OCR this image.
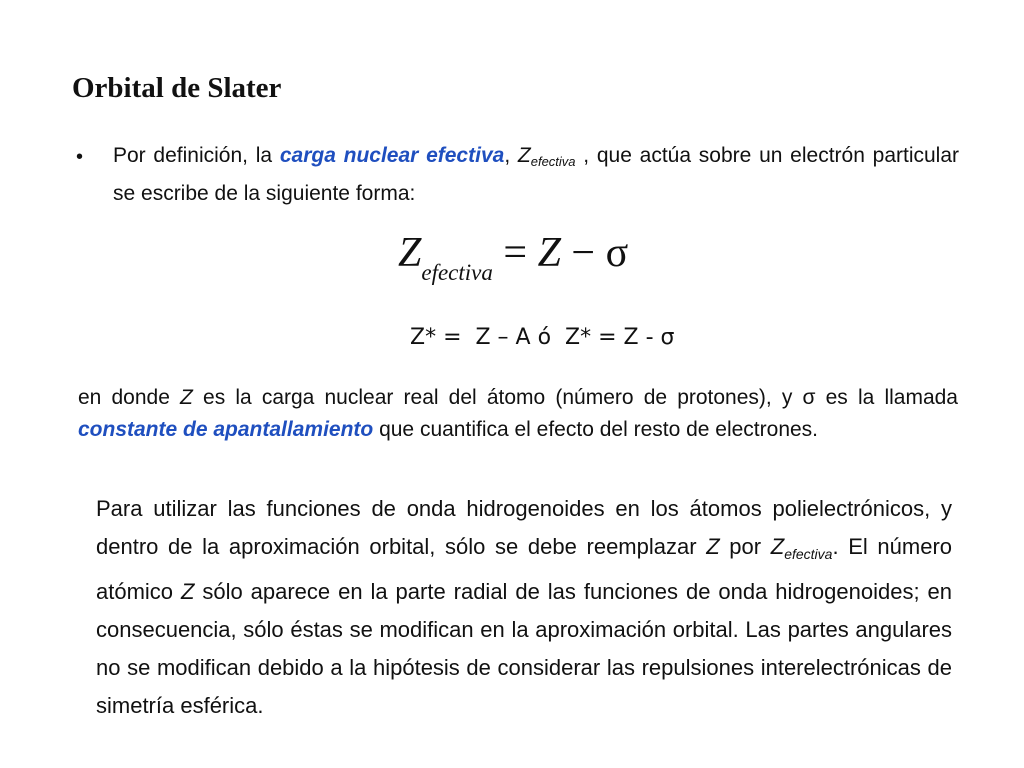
Orbital de Slater
• Por definición, la carga nuclear efectiva, $Z_{efectiva}$ , que actúa sobre un electrón particular se escribe de la siguiente forma:
$Z_{efectiva} = Z - \sigma$
Z* =  Z – A ó  Z* = Z - σ
en donde Z es la carga nuclear real del átomo (número de protones), y σ es la llamada constante de apantallamiento que cuantifica el efecto del resto de electrones.
Para utilizar las funciones de onda hidrogenoides en los átomos polielectrónicos, y dentro de la aproximación orbital, sólo se debe reemplazar Z por $Z_{efectiva}$. El número atómico Z sólo aparece en la parte radial de las funciones de onda hidrogenoides; en consecuencia, sólo éstas se modifican en la aproximación orbital. Las partes angulares no se modifican debido a la hipótesis de considerar las repulsiones interelectrónicas de simetría esférica.
